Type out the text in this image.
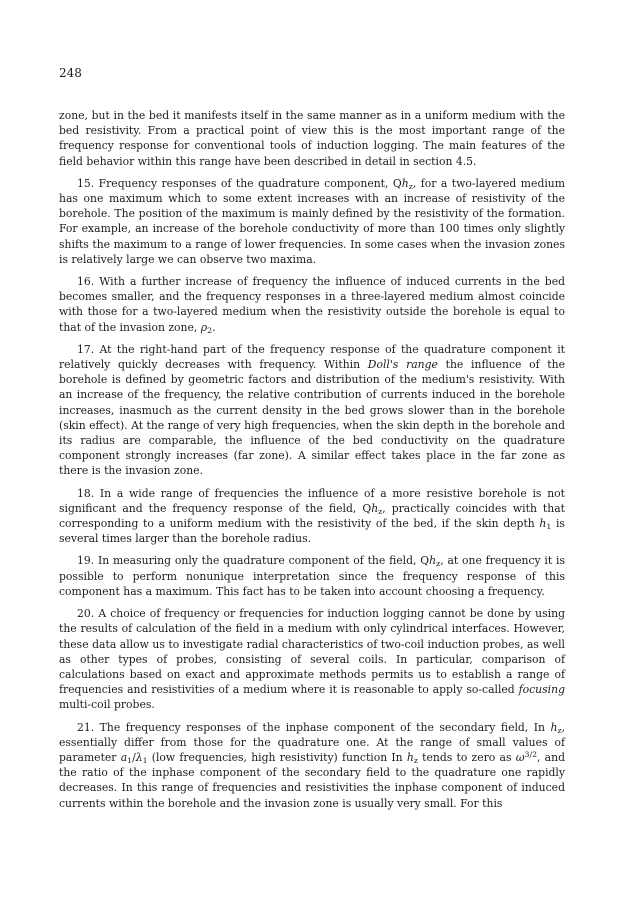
248

zone, but in the bed it manifests itself in the same manner as in a uniform medium with the bed resistivity. From a practical point of view this is the most important range of the frequency response for conventional tools of induction logging. The main features of the field behavior within this range have been described in detail in section 4.5.

15. Frequency responses of the quadrature component, $Qh_z$, for a two-layered medium has one maximum which to some extent increases with an increase of resistivity of the borehole. The position of the maximum is mainly defined by the resistivity of the formation. For example, an increase of the borehole conductivity of more than 100 times only slightly shifts the maximum to a range of lower frequencies. In some cases when the invasion zones is relatively large we can observe two maxima.

16. With a further increase of frequency the influence of induced currents in the bed becomes smaller, and the frequency responses in a three-layered medium almost coincide with those for a two-layered medium when the resistivity outside the borehole is equal to that of the invasion zone, $\rho_2$.

17. At the right-hand part of the frequency response of the quadrature component it relatively quickly decreases with frequency. Within Doll's range the influence of the borehole is defined by geometric factors and distribution of the medium's resistivity. With an increase of the frequency, the relative contribution of currents induced in the borehole increases, inasmuch as the current density in the bed grows slower than in the borehole (skin effect). At the range of very high frequencies, when the skin depth in the borehole and its radius are comparable, the influence of the bed conductivity on the quadrature component strongly increases (far zone). A similar effect takes place in the far zone as there is the invasion zone.

18. In a wide range of frequencies the influence of a more resistive borehole is not significant and the frequency response of the field, $Qh_z$, practically coincides with that corresponding to a uniform medium with the resistivity of the bed, if the skin depth $h_1$ is several times larger than the borehole radius.

19. In measuring only the quadrature component of the field, $Qh_z$, at one frequency it is possible to perform nonunique interpretation since the frequency response of this component has a maximum. This fact has to be taken into account choosing a frequency.

20. A choice of frequency or frequencies for induction logging cannot be done by using the results of calculation of the field in a medium with only cylindrical interfaces. However, these data allow us to investigate radial characteristics of two-coil induction probes, as well as other types of probes, consisting of several coils. In particular, comparison of calculations based on exact and approximate methods permits us to establish a range of frequencies and resistivities of a medium where it is reasonable to apply so-called focusing multi-coil probes.

21. The frequency responses of the inphase component of the secondary field, In $h_z$, essentially differ from those for the quadrature one. At the range of small values of parameter $a_1/\lambda_1$ (low frequencies, high resistivity) function In $h_z$ tends to zero as $\omega^{3/2}$, and the ratio of the inphase component of the secondary field to the quadrature one rapidly decreases. In this range of frequencies and resistivities the inphase component of induced currents within the borehole and the invasion zone is usually very small. For this
